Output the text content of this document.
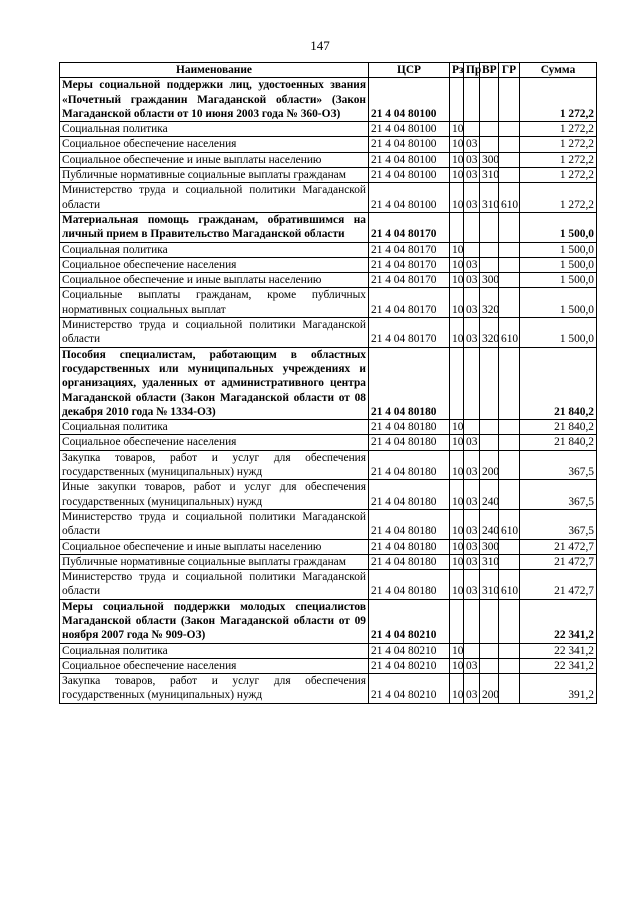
147
Наименование	ЦСР	Рз	Пр	ВР	ГР	Сумма
Меры социальной поддержки лиц, удостоенных звания «Почетный гражданин Магаданской области» (Закон Магаданской области от 10 июня 2003 года № 360-ОЗ)	21 4 04 80100					1 272,2
Социальная политика	21 4 04 80100	10				1 272,2
Социальное обеспечение населения	21 4 04 80100	10	03			1 272,2
Социальное обеспечение и иные выплаты населению	21 4 04 80100	10	03	300		1 272,2
Публичные нормативные социальные выплаты гражданам	21 4 04 80100	10	03	310		1 272,2
Министерство труда и социальной политики Магаданской области	21 4 04 80100	10	03	310	610	1 272,2
Материальная помощь гражданам, обратившимся на личный прием в Правительство Магаданской области	21 4 04 80170					1 500,0
Социальная политика	21 4 04 80170	10				1 500,0
Социальное обеспечение населения	21 4 04 80170	10	03			1 500,0
Социальное обеспечение и иные выплаты населению	21 4 04 80170	10	03	300		1 500,0
Социальные выплаты гражданам, кроме публичных нормативных социальных выплат	21 4 04 80170	10	03	320		1 500,0
Министерство труда и социальной политики Магаданской области	21 4 04 80170	10	03	320	610	1 500,0
Пособия специалистам, работающим в областных государственных или муниципальных учреждениях и организациях, удаленных от административного центра Магаданской области (Закон Магаданской области от 08 декабря 2010 года № 1334-ОЗ)	21 4 04 80180					21 840,2
Социальная политика	21 4 04 80180	10				21 840,2
Социальное обеспечение населения	21 4 04 80180	10	03			21 840,2
Закупка товаров, работ и услуг для обеспечения государственных (муниципальных) нужд	21 4 04 80180	10	03	200		367,5
Иные закупки товаров, работ и услуг для обеспечения государственных (муниципальных) нужд	21 4 04 80180	10	03	240		367,5
Министерство труда и социальной политики Магаданской области	21 4 04 80180	10	03	240	610	367,5
Социальное обеспечение и иные выплаты населению	21 4 04 80180	10	03	300		21 472,7
Публичные нормативные социальные выплаты гражданам	21 4 04 80180	10	03	310		21 472,7
Министерство труда и социальной политики Магаданской области	21 4 04 80180	10	03	310	610	21 472,7
Меры социальной поддержки молодых специалистов Магаданской области (Закон Магаданской области от 09 ноября 2007 года № 909-ОЗ)	21 4 04 80210					22 341,2
Социальная политика	21 4 04 80210	10				22 341,2
Социальное обеспечение населения	21 4 04 80210	10	03			22 341,2
Закупка товаров, работ и услуг для обеспечения государственных (муниципальных) нужд	21 4 04 80210	10	03	200		391,2
